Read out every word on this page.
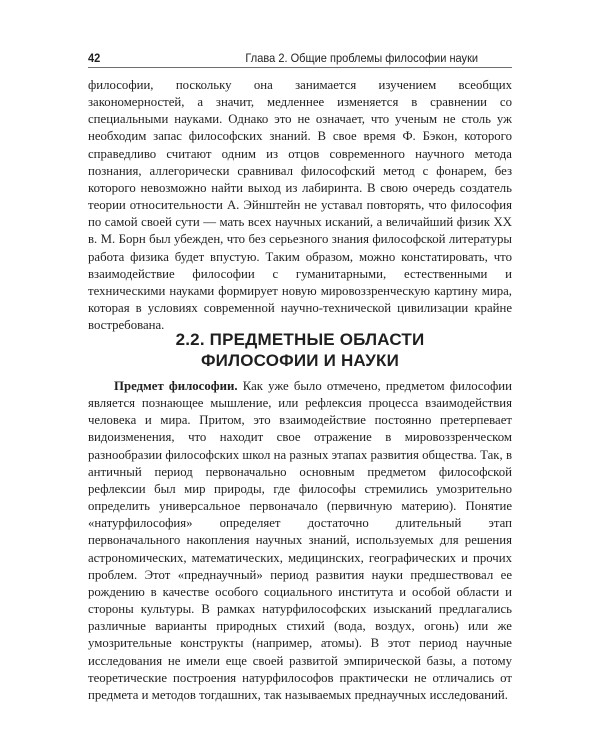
42	Глава 2. Общие проблемы философии науки

философии, поскольку она занимается изучением всеобщих закономерностей, а значит, медленнее изменяется в сравнении со специальными науками. Однако это не означает, что ученым не столь уж необходим запас философских знаний. В свое время Ф. Бэкон, которого справедливо считают одним из отцов современного научного метода познания, аллегорически сравнивал философский метод с фонарем, без которого невозможно найти выход из лабиринта. В свою очередь создатель теории относительности А. Эйнштейн не уставал повторять, что философия по самой своей сути — мать всех научных исканий, а величайший физик XX в. М. Борн был убежден, что без серьезного знания философской литературы работа физика будет впустую. Таким образом, можно констатировать, что взаимодействие философии с гуманитарными, естественными и техническими науками формирует новую мировоззренческую картину мира, которая в условиях современной научно-технической цивилизации крайне востребована.

2.2. ПРЕДМЕТНЫЕ ОБЛАСТИ
ФИЛОСОФИИ И НАУКИ

Предмет философии. Как уже было отмечено, предметом философии является познающее мышление, или рефлексия процесса взаимодействия человека и мира. Притом, это взаимодействие постоянно претерпевает видоизменения, что находит свое отражение в мировоззренческом разнообразии философских школ на разных этапах развития общества. Так, в античный период первоначально основным предметом философской рефлексии был мир природы, где философы стремились умозрительно определить универсальное первоначало (первичную материю). Понятие «натурфилософия» определяет достаточно длительный этап первоначального накопления научных знаний, используемых для решения астрономических, математических, медицинских, географических и прочих проблем. Этот «преднаучный» период развития науки предшествовал ее рождению в качестве особого социального института и особой области и стороны культуры. В рамках натурфилософских изысканий предлагались различные варианты природных стихий (вода, воздух, огонь) или же умозрительные конструкты (например, атомы). В этот период научные исследования не имели еще своей развитой эмпирической базы, а потому теоретические построения натурфилософов практически не отличались от предмета и методов тогдашних, так называемых преднаучных исследований.
